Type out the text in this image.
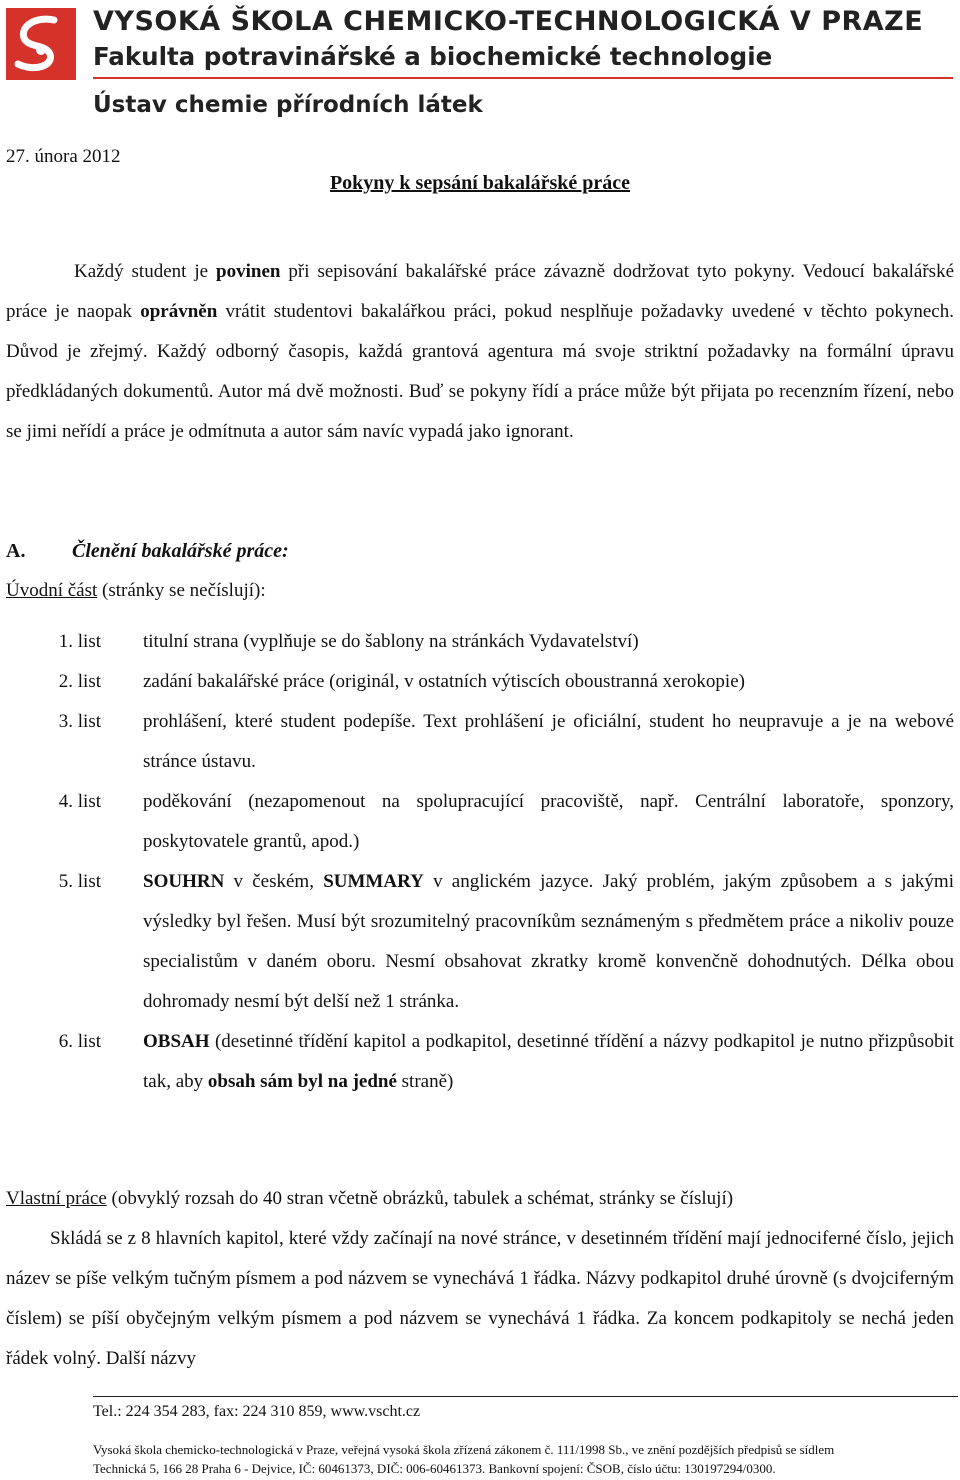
VYSOKÁ ŠKOLA CHEMICKO-TECHNOLOGICKÁ V PRAZE
Fakulta potravinářské a biochemické technologie
Ústav chemie přírodních látek
27. února 2012
Pokyny k sepsání bakalářské práce
Každý student je povinen při sepisování bakalářské práce závazně dodržovat tyto pokyny. Vedoucí bakalářské práce je naopak oprávněn vrátit studentovi bakalářkou práci, pokud nesplňuje požadavky uvedené v těchto pokynech. Důvod je zřejmý. Každý odborný časopis, každá grantová agentura má svoje striktní požadavky na formální úpravu předkládaných dokumentů. Autor má dvě možnosti. Buď se pokyny řídí a práce může být přijata po recenzním řízení, nebo se jimi neřídí a práce je odmítnuta a autor sám navíc vypadá jako ignorant.
A. Členění bakalářské práce:
Úvodní část (stránky se nečíslují):
1. list titulní strana (vyplňuje se do šablony na stránkách Vydavatelství)
2. list zadání bakalářské práce (originál, v ostatních výtiscích oboustranná xerokopie)
3. list prohlášení, které student podepíše. Text prohlášení je oficiální, student ho neupravuje a je na webové stránce ústavu.
4. list poděkování (nezapomenout na spolupracující pracoviště, např. Centrální laboratoře, sponzory, poskytovatele grantů, apod.)
5. list SOUHRN v českém, SUMMARY v anglickém jazyce. Jaký problém, jakým způsobem a s jakými výsledky byl řešen. Musí být srozumitelný pracovníkům seznámeným s předmětem práce a nikoliv pouze specialistům v daném oboru. Nesmí obsahovat zkratky kromě konvenčně dohodnutých. Délka obou dohromady nesmí být delší než 1 stránka.
6. list OBSAH (desetinné třídění kapitol a podkapitol, desetinné třídění a názvy podkapitol je nutno přizpůsobit tak, aby obsah sám byl na jedné straně)
Vlastní práce (obvyklý rozsah do 40 stran včetně obrázků, tabulek a schémat, stránky se číslují)
Skládá se z 8 hlavních kapitol, které vždy začínají na nové stránce, v desetinném třídění mají jednociferné číslo, jejich název se píše velkým tučným písmem a pod názvem se vynechává 1 řádka. Názvy podkapitol druhé úrovně (s dvojciferným číslem) se píší obyčejným velkým písmem a pod názvem se vynechává 1 řádka. Za koncem podkapitoly se nechá jeden řádek volný. Další názvy
Tel.: 224 354 283, fax: 224 310 859, www.vscht.cz
Vysoká škola chemicko-technologická v Praze, veřejná vysoká škola zřízená zákonem č. 111/1998 Sb., ve znění pozdějších předpisů se sídlem
Technická 5, 166 28 Praha 6 - Dejvice, IČ: 60461373, DIČ: 006-60461373. Bankovní spojení: ČSOB, číslo účtu: 130197294/0300.
